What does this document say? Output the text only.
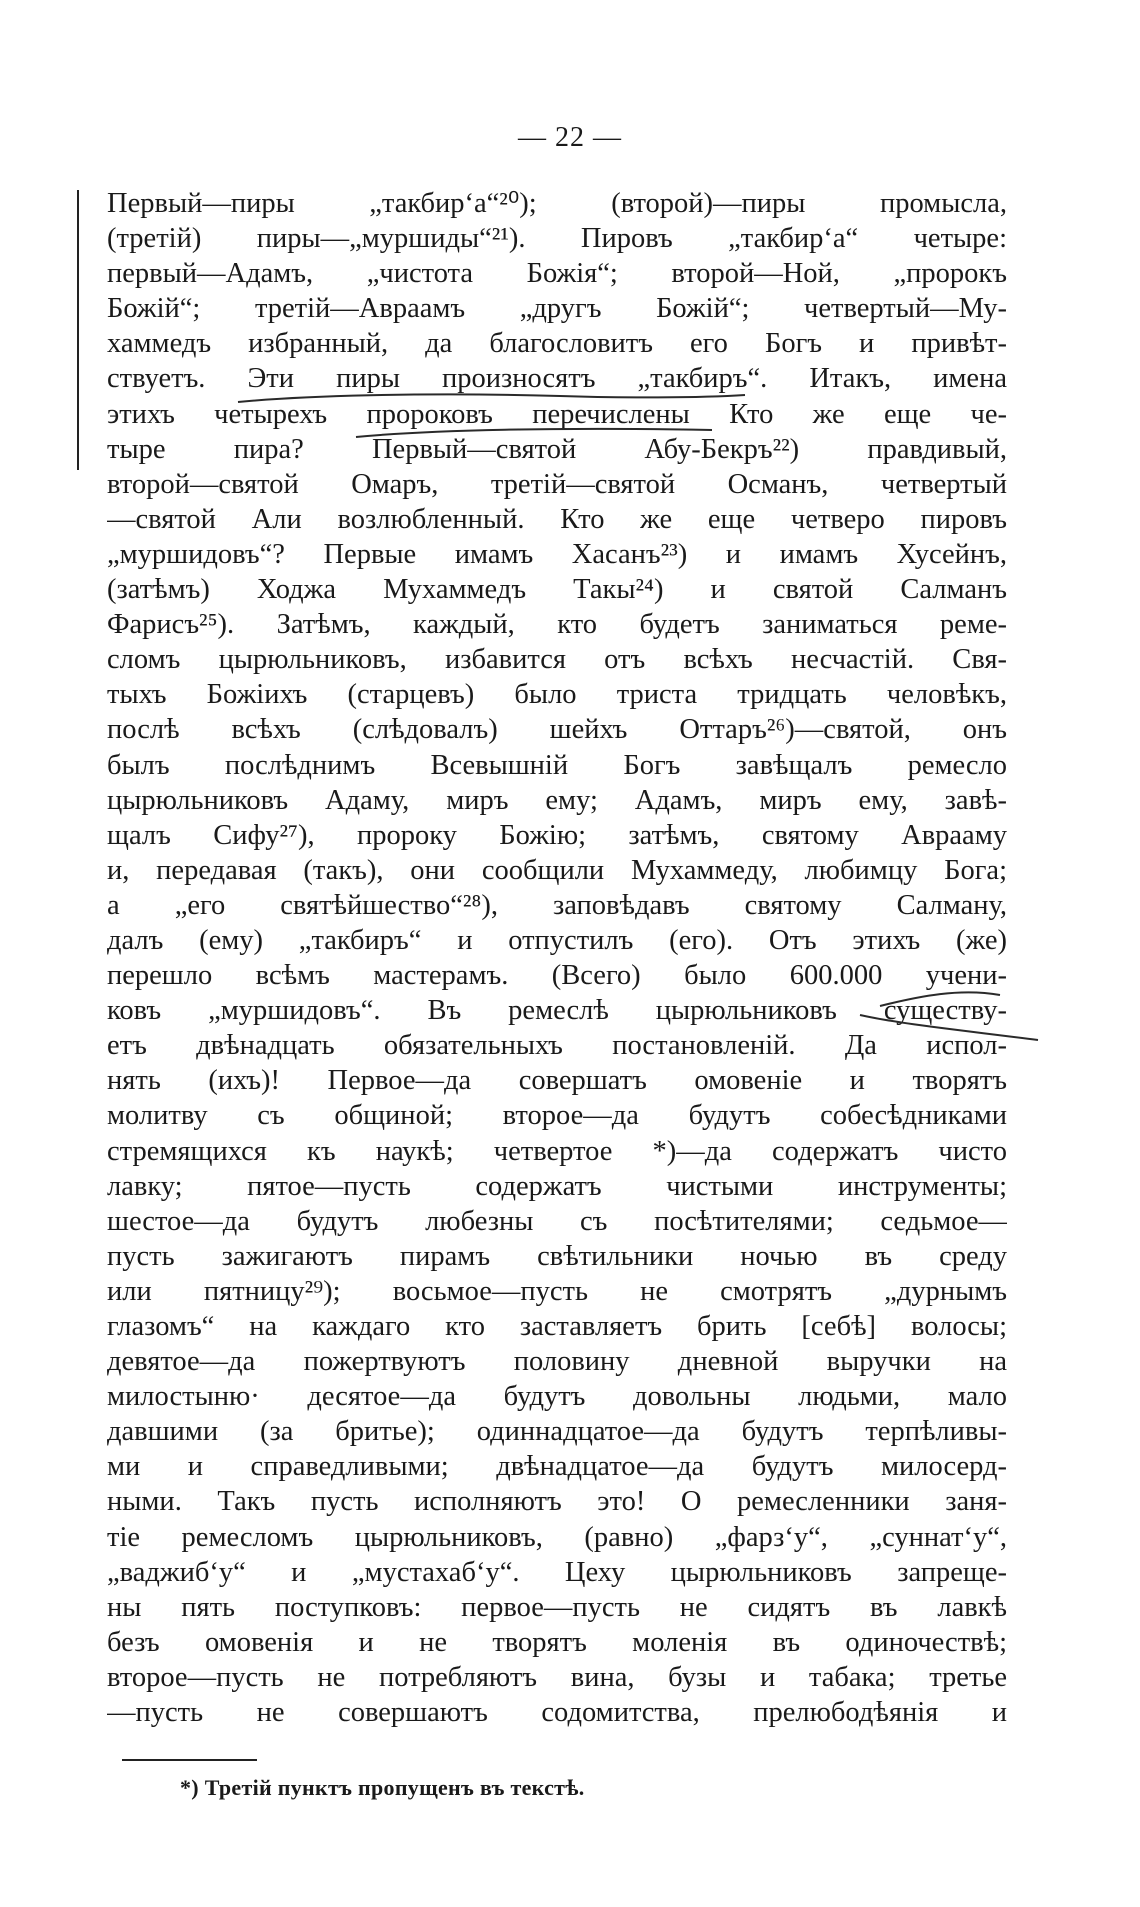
— 22 —
Первый—пиры „такбир‘а“²⁰); (второй)—пиры промысла,
(третій) пиры—„муршиды“²¹). Пировъ „такбир‘а“ четыре:
первый—Адамъ, „чистота Божія“; второй—Ной, „пророкъ
Божій“; третій—Авраамъ „другъ Божій“; четвертый—Му-
хаммедъ избранный, да благословитъ его Богъ и привѣт-
ствуетъ. Эти пиры произносятъ „такбиръ“. Итакъ, имена
этихъ четырехъ пророковъ перечислены Кто же еще че-
тыре пира? Первый—святой Абу-Бекръ²²) правдивый,
второй—святой Омаръ, третій—святой Османъ, четвертый
—святой Али возлюбленный. Кто же еще четверо пировъ
„муршидовъ“? Первые имамъ Хасанъ²³) и имамъ Хусейнъ,
(затѣмъ) Ходжа Мухаммедъ Такы²⁴) и святой Салманъ
Фарисъ²⁵). Затѣмъ, каждый, кто будетъ заниматься реме-
сломъ цырюльниковъ, избавится отъ всѣхъ несчастій. Свя-
тыхъ Божіихъ (старцевъ) было триста тридцать человѣкъ,
послѣ всѣхъ (слѣдовалъ) шейхъ Оттаръ²⁶)—святой, онъ
былъ послѣднимъ Всевышній Богъ завѣщалъ ремесло
цырюльниковъ Адаму, миръ ему; Адамъ, миръ ему, завѣ-
щалъ Сифу²⁷), пророку Божію; затѣмъ, святому Аврааму
и, передавая (такъ), они сообщили Мухаммеду, любимцу Бога;
а „его святѣйшество“²⁸), заповѣдавъ святому Салману,
далъ (ему) „такбиръ“ и отпустилъ (его). Отъ этихъ (же)
перешло всѣмъ мастерамъ. (Всего) было 600.000 учени-
ковъ „муршидовъ“. Въ ремеслѣ цырюльниковъ существу-
етъ двѣнадцать обязательныхъ постановленій. Да испол-
нять (ихъ)! Первое—да совершатъ омовеніе и творятъ
молитву съ общиной; второе—да будутъ собесѣдниками
стремящихся къ наукѣ; четвертое *)—да содержатъ чисто
лавку; пятое—пусть содержатъ чистыми инструменты;
шестое—да будутъ любезны съ посѣтителями; седьмое—
пусть зажигаютъ пирамъ свѣтильники ночью въ среду
или пятницу²⁹); восьмое—пусть не смотрятъ „дурнымъ
глазомъ“ на каждаго кто заставляетъ брить [себѣ] волосы;
девятое—да пожертвуютъ половину дневной выручки на
милостыню· десятое—да будутъ довольны людьми, мало
давшими (за бритье); одиннадцатое—да будутъ терпѣливы-
ми и справедливыми; двѣнадцатое—да будутъ милосерд-
ными. Такъ пусть исполняютъ это! О ремесленники заня-
тіе ремесломъ цырюльниковъ, (равно) „фарз‘у“, „суннат‘у“,
„ваджиб‘у“ и „мустахаб‘у“. Цеху цырюльниковъ запреще-
ны пять поступковъ: первое—пусть не сидятъ въ лавкѣ
безъ омовенія и не творятъ моленія въ одиночествѣ;
второе—пусть не потребляютъ вина, бузы и табака; третье
—пусть не совершаютъ содомитства, прелюбодѣянія и
*) Третій пунктъ пропущенъ въ текстѣ.
